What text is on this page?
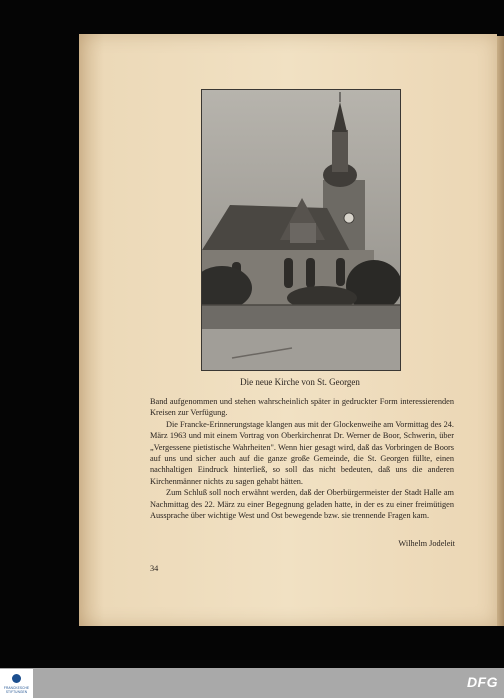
Die neue Kirche von St. Georgen

Band aufgenommen und stehen wahrscheinlich später in gedruckter Form interessierenden Kreisen zur Verfügung.

Die Francke-Erinnerungstage klangen aus mit der Glockenweihe am Vormittag des 24. März 1963 und mit einem Vortrag von Oberkirchenrat Dr. Werner de Boor, Schwerin, über „Vergessene pietistische Wahrheiten". Wenn hier gesagt wird, daß das Vorbringen de Boors auf uns und sicher auch auf die ganze große Gemeinde, die St. Georgen füllte, einen nachhaltigen Eindruck hinterließ, so soll das nicht bedeuten, daß uns die anderen Kirchenmänner nichts zu sagen gehabt hätten.

Zum Schluß soll noch erwähnt werden, daß der Oberbürgermeister der Stadt Halle am Nachmittag des 22. März zu einer Begegnung geladen hatte, in der es zu einer freimütigen Aussprache über wichtige West und Ost bewegende bzw. sie trennende Fragen kam.

Wilhelm Jodeleit
34
FRANCKESCHE STIFTUNGEN
DFG
